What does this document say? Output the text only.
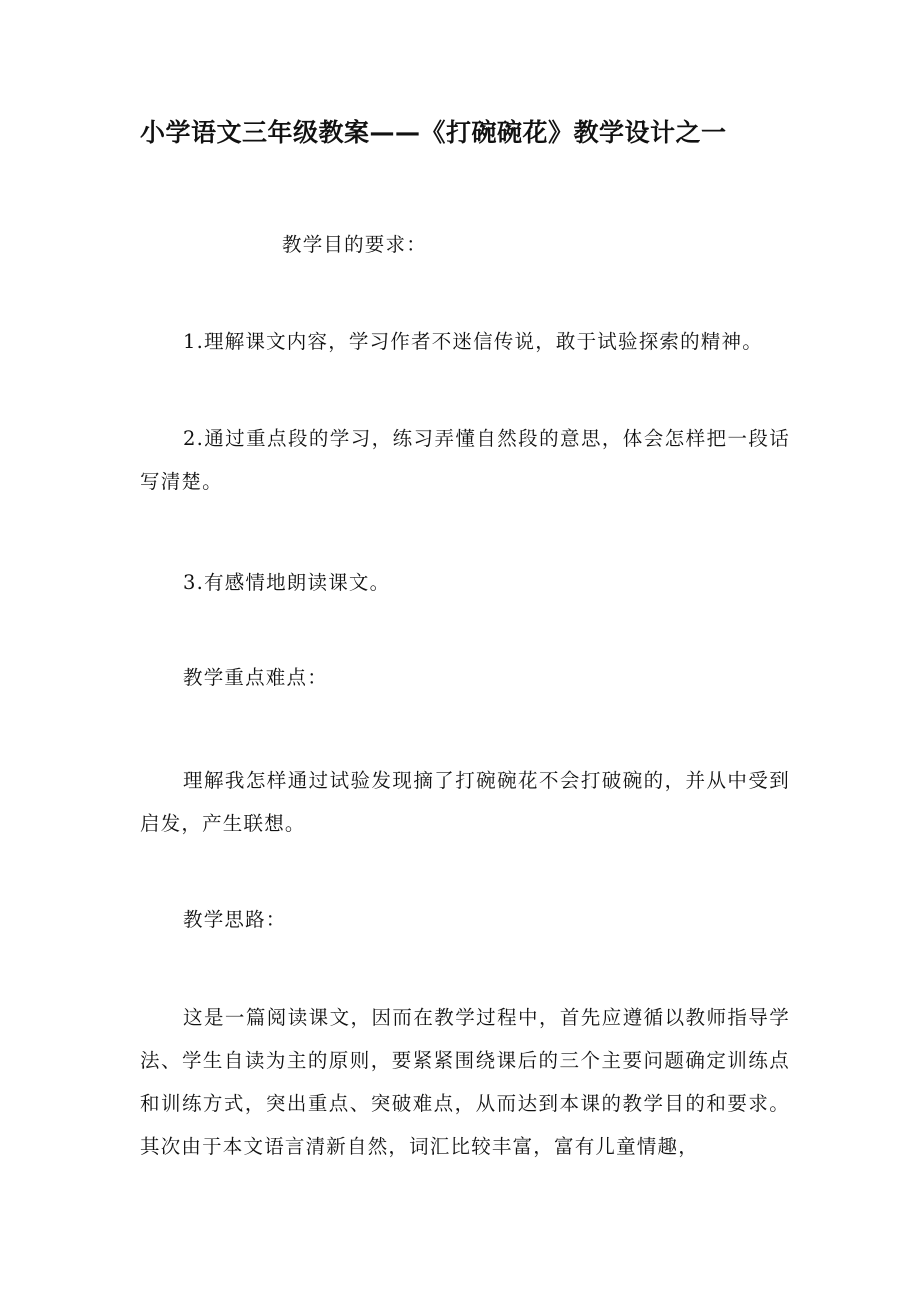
小学语文三年级教案——《打碗碗花》教学设计之一
教学目的要求：
1.理解课文内容，学习作者不迷信传说，敢于试验探索的精神。
2.通过重点段的学习，练习弄懂自然段的意思，体会怎样把一段话写清楚。
3.有感情地朗读课文。
教学重点难点：
理解我怎样通过试验发现摘了打碗碗花不会打破碗的，并从中受到启发，产生联想。
教学思路：
这是一篇阅读课文，因而在教学过程中，首先应遵循以教师指导学法、学生自读为主的原则，要紧紧围绕课后的三个主要问题确定训练点和训练方式，突出重点、突破难点，从而达到本课的教学目的和要求。其次由于本文语言清新自然，词汇比较丰富，富有儿童情趣，
